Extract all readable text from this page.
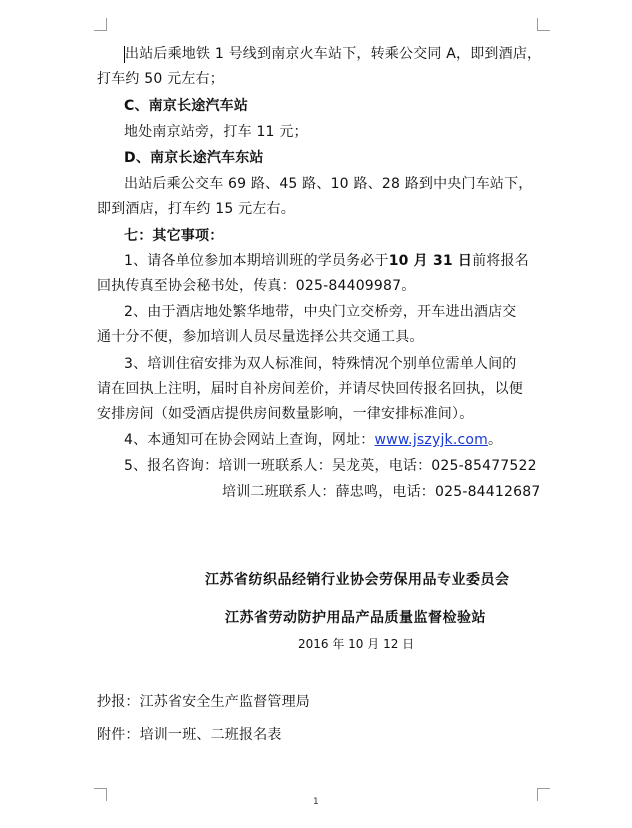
出站后乘地铁 1 号线到南京火车站下，转乘公交同 A，即到酒店，
打车约 50 元左右；
C、南京长途汽车站
地处南京站旁，打车 11 元；
D、南京长途汽车东站
出站后乘公交车 69 路、45 路、10 路、28 路到中央门车站下，
即到酒店，打车约 15 元左右。
七：其它事项：
1、请各单位参加本期培训班的学员务必于10 月 31 日前将报名
回执传真至协会秘书处，传真：025-84409987。
2、由于酒店地处繁华地带，中央门立交桥旁，开车进出酒店交
通十分不便，参加培训人员尽量选择公共交通工具。
3、培训住宿安排为双人标准间，特殊情况个别单位需单人间的
请在回执上注明，届时自补房间差价，并请尽快回传报名回执，以便
安排房间（如受酒店提供房间数量影响，一律安排标准间）。
4、本通知可在协会网站上查询，网址：www.jszyjk.com。
5、报名咨询：培训一班联系人：吴龙英，电话：025-85477522
培训二班联系人：薛忠鸣，电话：025-84412687
江苏省纺织品经销行业协会劳保用品专业委员会
江苏省劳动防护用品产品质量监督检验站
2016 年 10 月 12 日
抄报：江苏省安全生产监督管理局
附件：培训一班、二班报名表
1
